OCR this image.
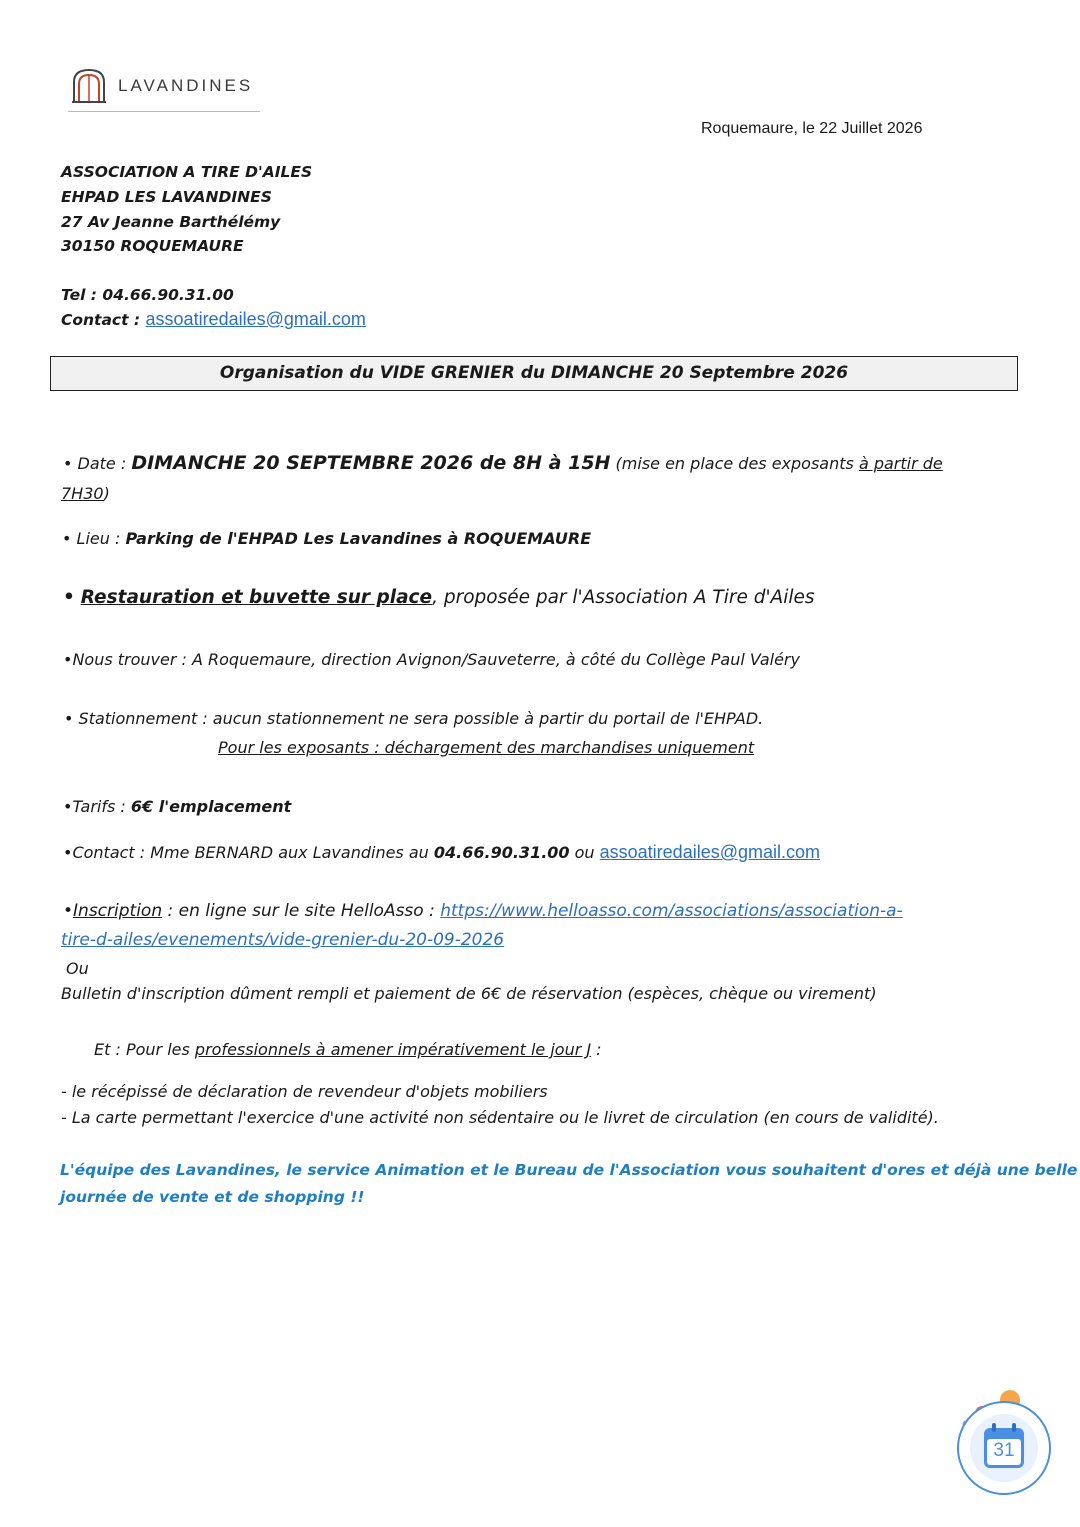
LAVANDINES
Roquemaure, le 22 Juillet 2026
ASSOCIATION A TIRE D'AILES
EHPAD LES LAVANDINES
27 Av Jeanne Barthélémy
30150 ROQUEMAURE
Tel : 04.66.90.31.00
Contact : assoatiredailes@gmail.com
Organisation du VIDE GRENIER du DIMANCHE 20 Septembre 2026
• Date : DIMANCHE 20 SEPTEMBRE 2026 de 8H à 15H (mise en place des exposants à partir de
7H30)
• Lieu : Parking de l'EHPAD Les Lavandines à ROQUEMAURE
• Restauration et buvette sur place, proposée par l'Association A Tire d'Ailes
•Nous trouver : A Roquemaure, direction Avignon/Sauveterre, à côté du Collège Paul Valéry
• Stationnement : aucun stationnement ne sera possible à partir du portail de l'EHPAD.
Pour les exposants : déchargement des marchandises uniquement
•Tarifs : 6€ l'emplacement
•Contact : Mme BERNARD aux Lavandines au 04.66.90.31.00 ou assoatiredailes@gmail.com
•Inscription : en ligne sur le site HelloAsso : https://www.helloasso.com/associations/association-a-
tire-d-ailes/evenements/vide-grenier-du-20-09-2026
Ou
Bulletin d'inscription dûment rempli et paiement de 6€ de réservation (espèces, chèque ou virement)
Et : Pour les professionnels à amener impérativement le jour J :
- le récépissé de déclaration de revendeur d'objets mobiliers
- La carte permettant l'exercice d'une activité non sédentaire ou le livret de circulation (en cours de validité).
L'équipe des Lavandines, le service Animation et le Bureau de l'Association vous souhaitent d'ores et déjà une belle
journée de vente et de shopping !!
31
